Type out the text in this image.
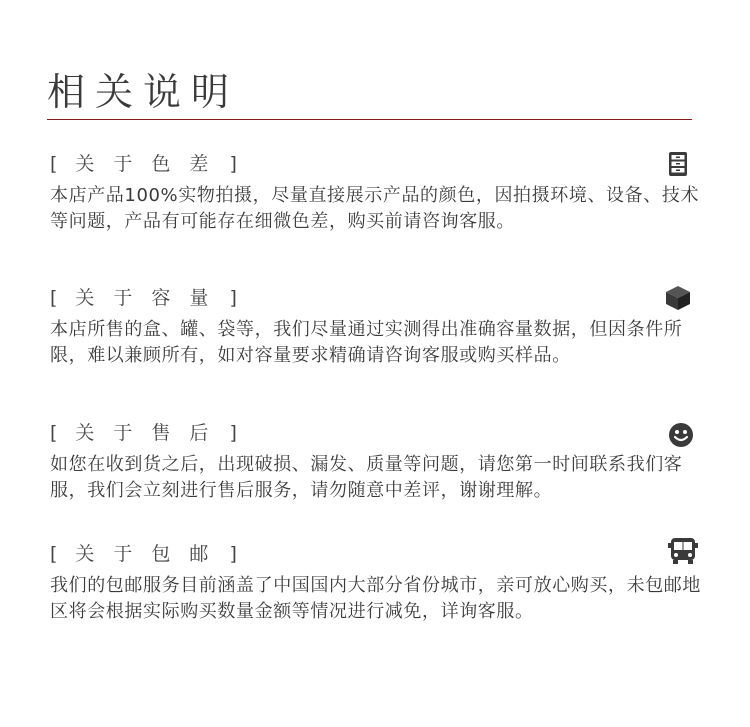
相关说明
[ 关于色差 ]
本店产品100%实物拍摄，尽量直接展示产品的颜色，因拍摄环境、设备、技术等问题，产品有可能存在细微色差，购买前请咨询客服。
[ 关于容量 ]
本店所售的盒、罐、袋等，我们尽量通过实测得出准确容量数据，但因条件所限，难以兼顾所有，如对容量要求精确请咨询客服或购买样品。
[ 关于售后 ]
如您在收到货之后，出现破损、漏发、质量等问题，请您第一时间联系我们客服，我们会立刻进行售后服务，请勿随意中差评，谢谢理解。
[ 关于包邮 ]
我们的包邮服务目前涵盖了中国国内大部分省份城市，亲可放心购买，未包邮地区将会根据实际购买数量金额等情况进行减免，详询客服。
